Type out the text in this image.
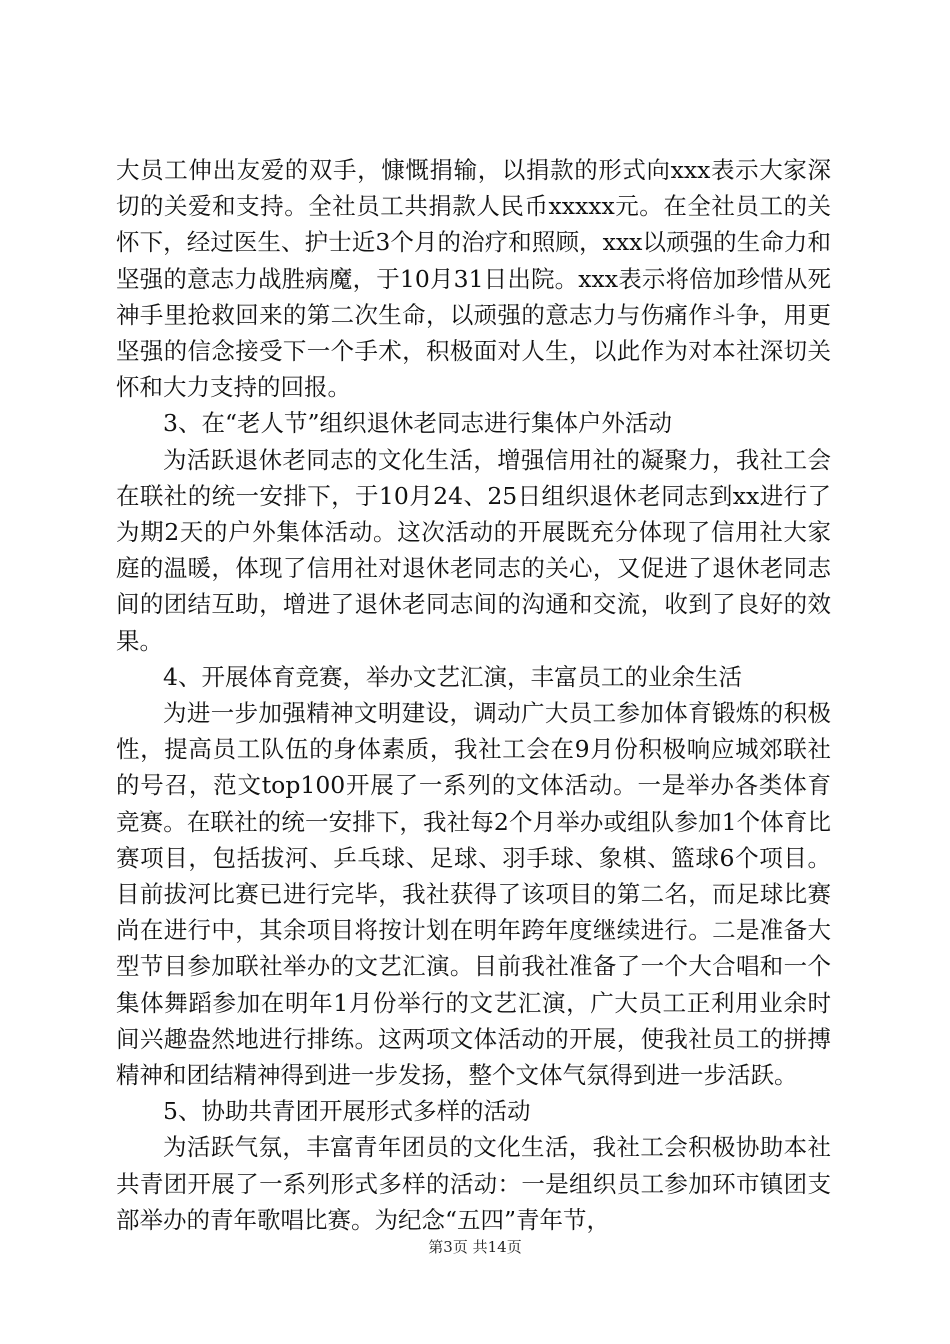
大员工伸出友爱的双手，慷慨捐输，以捐款的形式向xxx表示大家深切的关爱和支持。全社员工共捐款人民币xxxxx元。在全社员工的关怀下，经过医生、护士近3个月的治疗和照顾，xxx以顽强的生命力和坚强的意志力战胜病魔，于10月31日出院。xxx表示将倍加珍惜从死神手里抢救回来的第二次生命，以顽强的意志力与伤痛作斗争，用更坚强的信念接受下一个手术，积极面对人生，以此作为对本社深切关怀和大力支持的回报。

3、在“老人节”组织退休老同志进行集体户外活动

为活跃退休老同志的文化生活，增强信用社的凝聚力，我社工会在联社的统一安排下，于10月24、25日组织退休老同志到xx进行了为期2天的户外集体活动。这次活动的开展既充分体现了信用社大家庭的温暖，体现了信用社对退休老同志的关心，又促进了退休老同志间的团结互助，增进了退休老同志间的沟通和交流，收到了良好的效果。

4、开展体育竞赛，举办文艺汇演，丰富员工的业余生活

为进一步加强精神文明建设，调动广大员工参加体育锻炼的积极性，提高员工队伍的身体素质，我社工会在9月份积极响应城郊联社的号召，范文top100开展了一系列的文体活动。一是举办各类体育竞赛。在联社的统一安排下，我社每2个月举办或组队参加1个体育比赛项目，包括拔河、乒乓球、足球、羽手球、象棋、篮球6个项目。目前拔河比赛已进行完毕，我社获得了该项目的第二名，而足球比赛尚在进行中，其余项目将按计划在明年跨年度继续进行。二是准备大型节目参加联社举办的文艺汇演。目前我社准备了一个大合唱和一个集体舞蹈参加在明年1月份举行的文艺汇演，广大员工正利用业余时间兴趣盎然地进行排练。这两项文体活动的开展，使我社员工的拼搏精神和团结精神得到进一步发扬，整个文体气氛得到进一步活跃。

5、协助共青团开展形式多样的活动

为活跃气氛，丰富青年团员的文化生活，我社工会积极协助本社共青团开展了一系列形式多样的活动：一是组织员工参加环市镇团支部举办的青年歌唱比赛。为纪念“五四”青年节，

第3页 共14页
